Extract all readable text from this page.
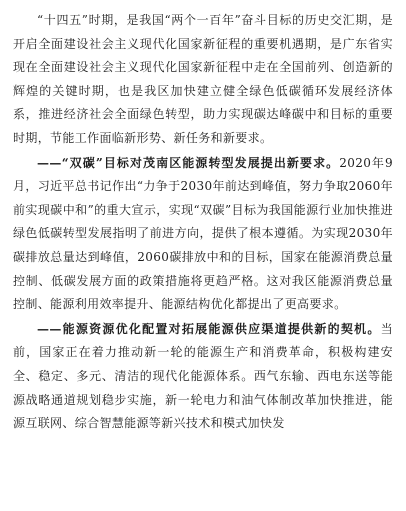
“十四五”时期，是我国“两个一百年”奋斗目标的历史交汇期，是开启全面建设社会主义现代化国家新征程的重要机遇期，是广东省实现在全面建设社会主义现代化国家新征程中走在全国前列、创造新的辉煌的关键时期，也是我区加快建立健全绿色低碳循环发展经济体系，推进经济社会全面绿色转型，助力实现碳达峰碳中和目标的重要时期，节能工作面临新形势、新任务和新要求。

——“双碳”目标对茂南区能源转型发展提出新要求。2020年9月，习近平总书记作出“力争于2030年前达到峰值，努力争取2060年前实现碳中和”的重大宣示，实现“双碳”目标为我国能源行业加快推进绿色低碳转型发展指明了前进方向，提供了根本遵循。为实现2030年碳排放总量达到峰值，2060碳排放中和的目标，国家在能源消费总量控制、低碳发展方面的政策措施将更趋严格。这对我区能源消费总量控制、能源利用效率提升、能源结构优化都提出了更高要求。

——能源资源优化配置对拓展能源供应渠道提供新的契机。当前，国家正在着力推动新一轮的能源生产和消费革命，积极构建安全、稳定、多元、清洁的现代化能源体系。西气东输、西电东送等能源战略通道规划稳步实施，新一轮电力和油气体制改革加快推进，能源互联网、综合智慧能源等新兴技术和模式加快发
